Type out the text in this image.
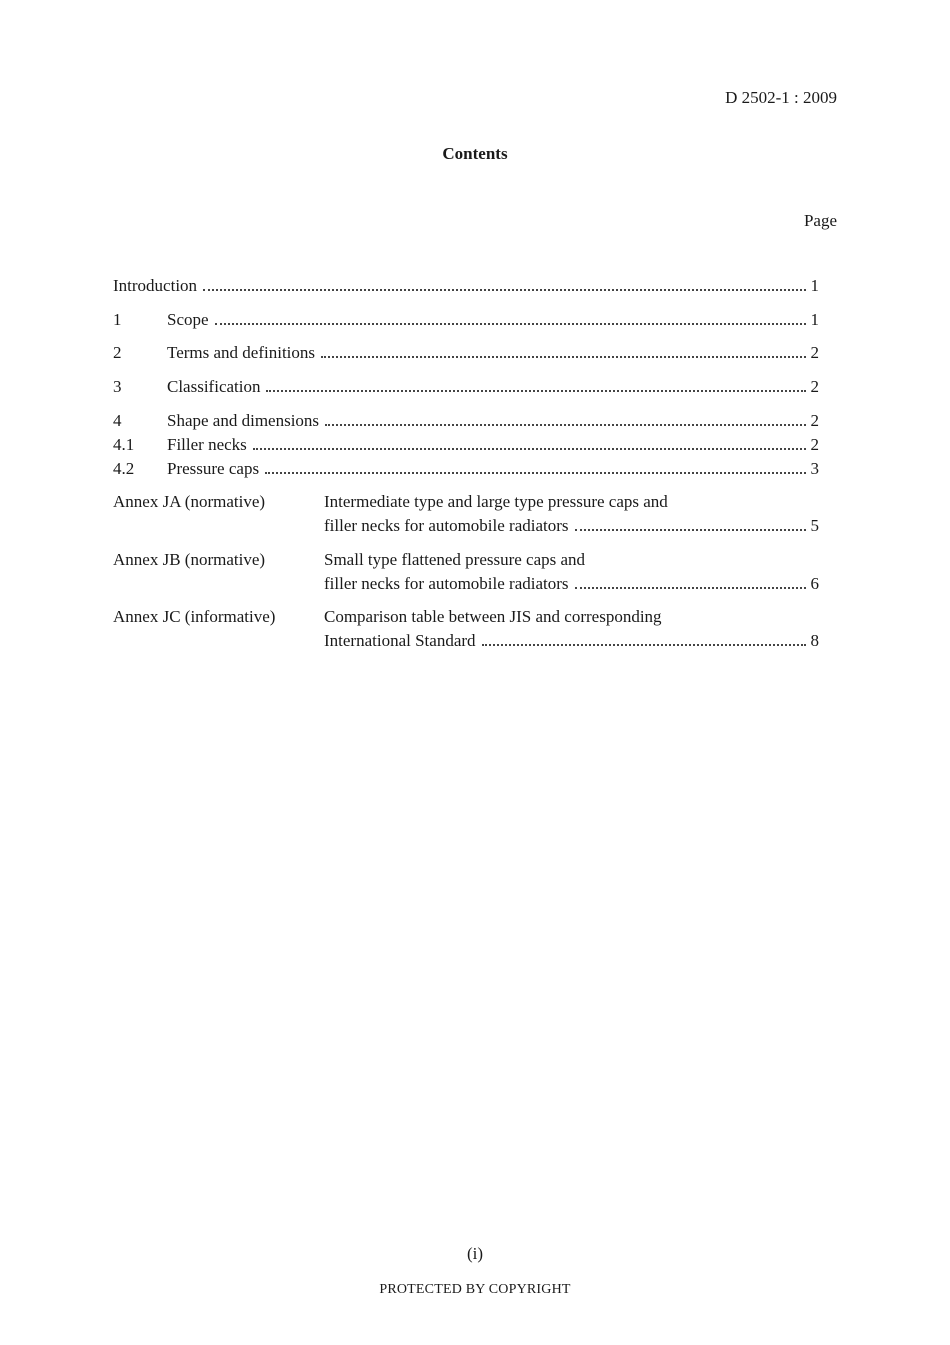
D 2502-1 : 2009
Contents
Page
Introduction	1
1	Scope	1
2	Terms and definitions	2
3	Classification	2
4	Shape and dimensions	2
4.1	Filler necks	2
4.2	Pressure caps	3
Annex JA (normative)	Intermediate type and large type pressure caps and
filler necks for automobile radiators	5
Annex JB (normative)	Small type flattened pressure caps and
filler necks for automobile radiators	6
Annex JC (informative)	Comparison table between JIS and corresponding
International Standard	8
(i)
PROTECTED BY COPYRIGHT
